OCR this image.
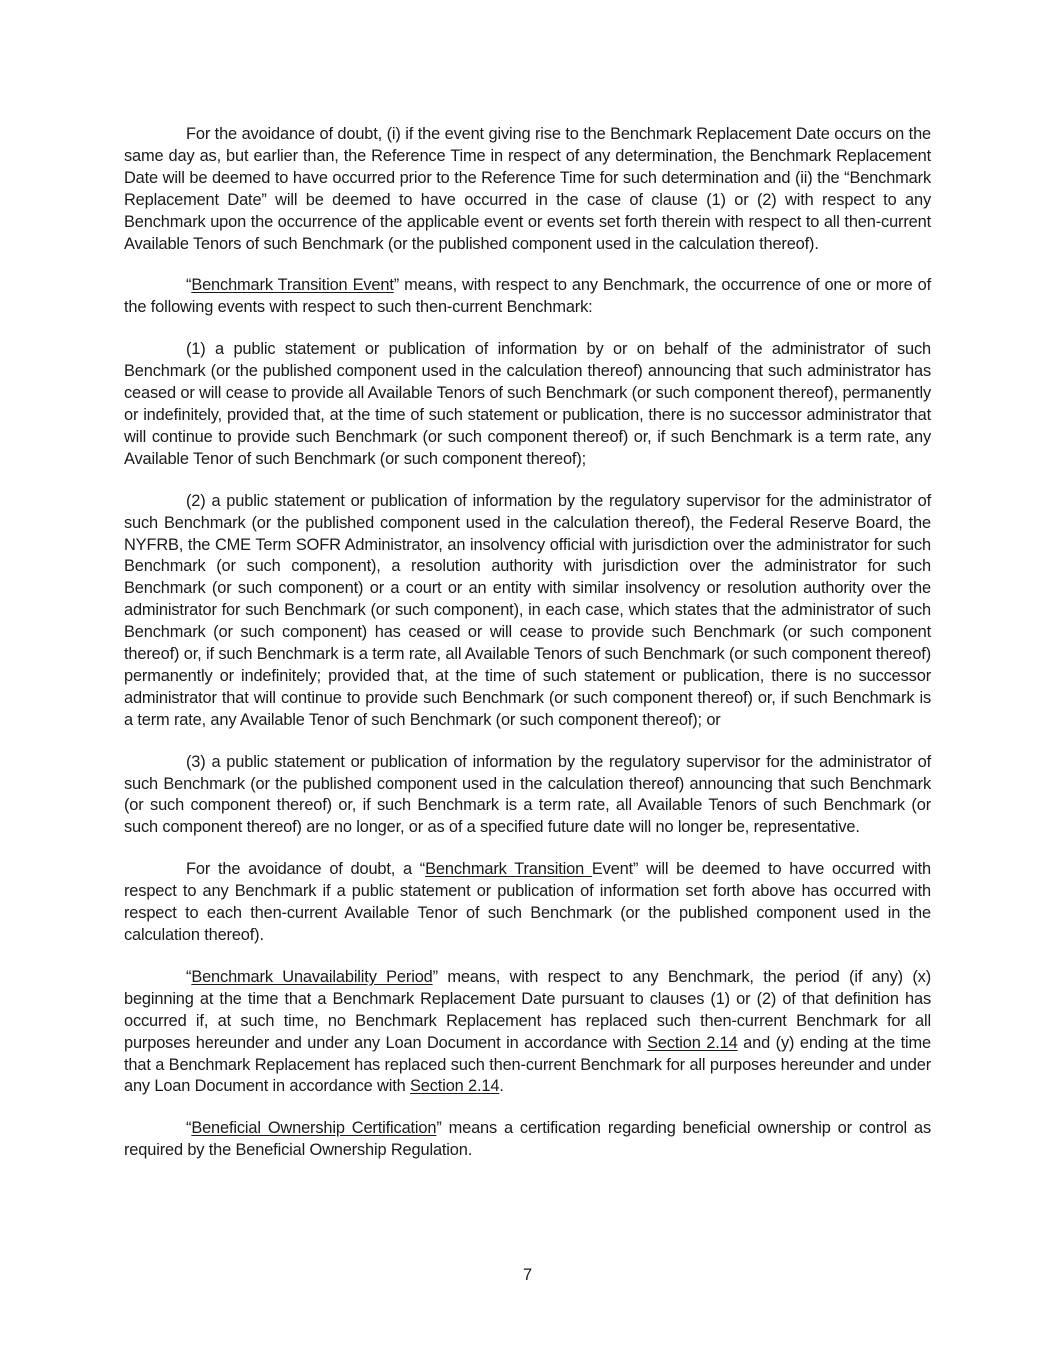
For the avoidance of doubt, (i) if the event giving rise to the Benchmark Replacement Date occurs on the same day as, but earlier than, the Reference Time in respect of any determination, the Benchmark Replacement Date will be deemed to have occurred prior to the Reference Time for such determination and (ii) the “Benchmark Replacement Date” will be deemed to have occurred in the case of clause (1) or (2) with respect to any Benchmark upon the occurrence of the applicable event or events set forth therein with respect to all then-current Available Tenors of such Benchmark (or the published component used in the calculation thereof).

“Benchmark Transition Event” means, with respect to any Benchmark, the occurrence of one or more of the following events with respect to such then-current Benchmark:

(1) a public statement or publication of information by or on behalf of the administrator of such Benchmark (or the published component used in the calculation thereof) announcing that such administrator has ceased or will cease to provide all Available Tenors of such Benchmark (or such component thereof), permanently or indefinitely, provided that, at the time of such statement or publication, there is no successor administrator that will continue to provide such Benchmark (or such component thereof) or, if such Benchmark is a term rate, any Available Tenor of such Benchmark (or such component thereof);

(2) a public statement or publication of information by the regulatory supervisor for the administrator of such Benchmark (or the published component used in the calculation thereof), the Federal Reserve Board, the NYFRB, the CME Term SOFR Administrator, an insolvency official with jurisdiction over the administrator for such Benchmark (or such component), a resolution authority with jurisdiction over the administrator for such Benchmark (or such component) or a court or an entity with similar insolvency or resolution authority over the administrator for such Benchmark (or such component), in each case, which states that the administrator of such Benchmark (or such component) has ceased or will cease to provide such Benchmark (or such component thereof) or, if such Benchmark is a term rate, all Available Tenors of such Benchmark (or such component thereof) permanently or indefinitely; provided that, at the time of such statement or publication, there is no successor administrator that will continue to provide such Benchmark (or such component thereof) or, if such Benchmark is a term rate, any Available Tenor of such Benchmark (or such component thereof); or

(3) a public statement or publication of information by the regulatory supervisor for the administrator of such Benchmark (or the published component used in the calculation thereof) announcing that such Benchmark (or such component thereof) or, if such Benchmark is a term rate, all Available Tenors of such Benchmark (or such component thereof) are no longer, or as of a specified future date will no longer be, representative.

For the avoidance of doubt, a “Benchmark Transition Event” will be deemed to have occurred with respect to any Benchmark if a public statement or publication of information set forth above has occurred with respect to each then-current Available Tenor of such Benchmark (or the published component used in the calculation thereof).

“Benchmark Unavailability Period” means, with respect to any Benchmark, the period (if any) (x) beginning at the time that a Benchmark Replacement Date pursuant to clauses (1) or (2) of that definition has occurred if, at such time, no Benchmark Replacement has replaced such then-current Benchmark for all purposes hereunder and under any Loan Document in accordance with Section 2.14 and (y) ending at the time that a Benchmark Replacement has replaced such then-current Benchmark for all purposes hereunder and under any Loan Document in accordance with Section 2.14.

“Beneficial Ownership Certification” means a certification regarding beneficial ownership or control as required by the Beneficial Ownership Regulation.

7
